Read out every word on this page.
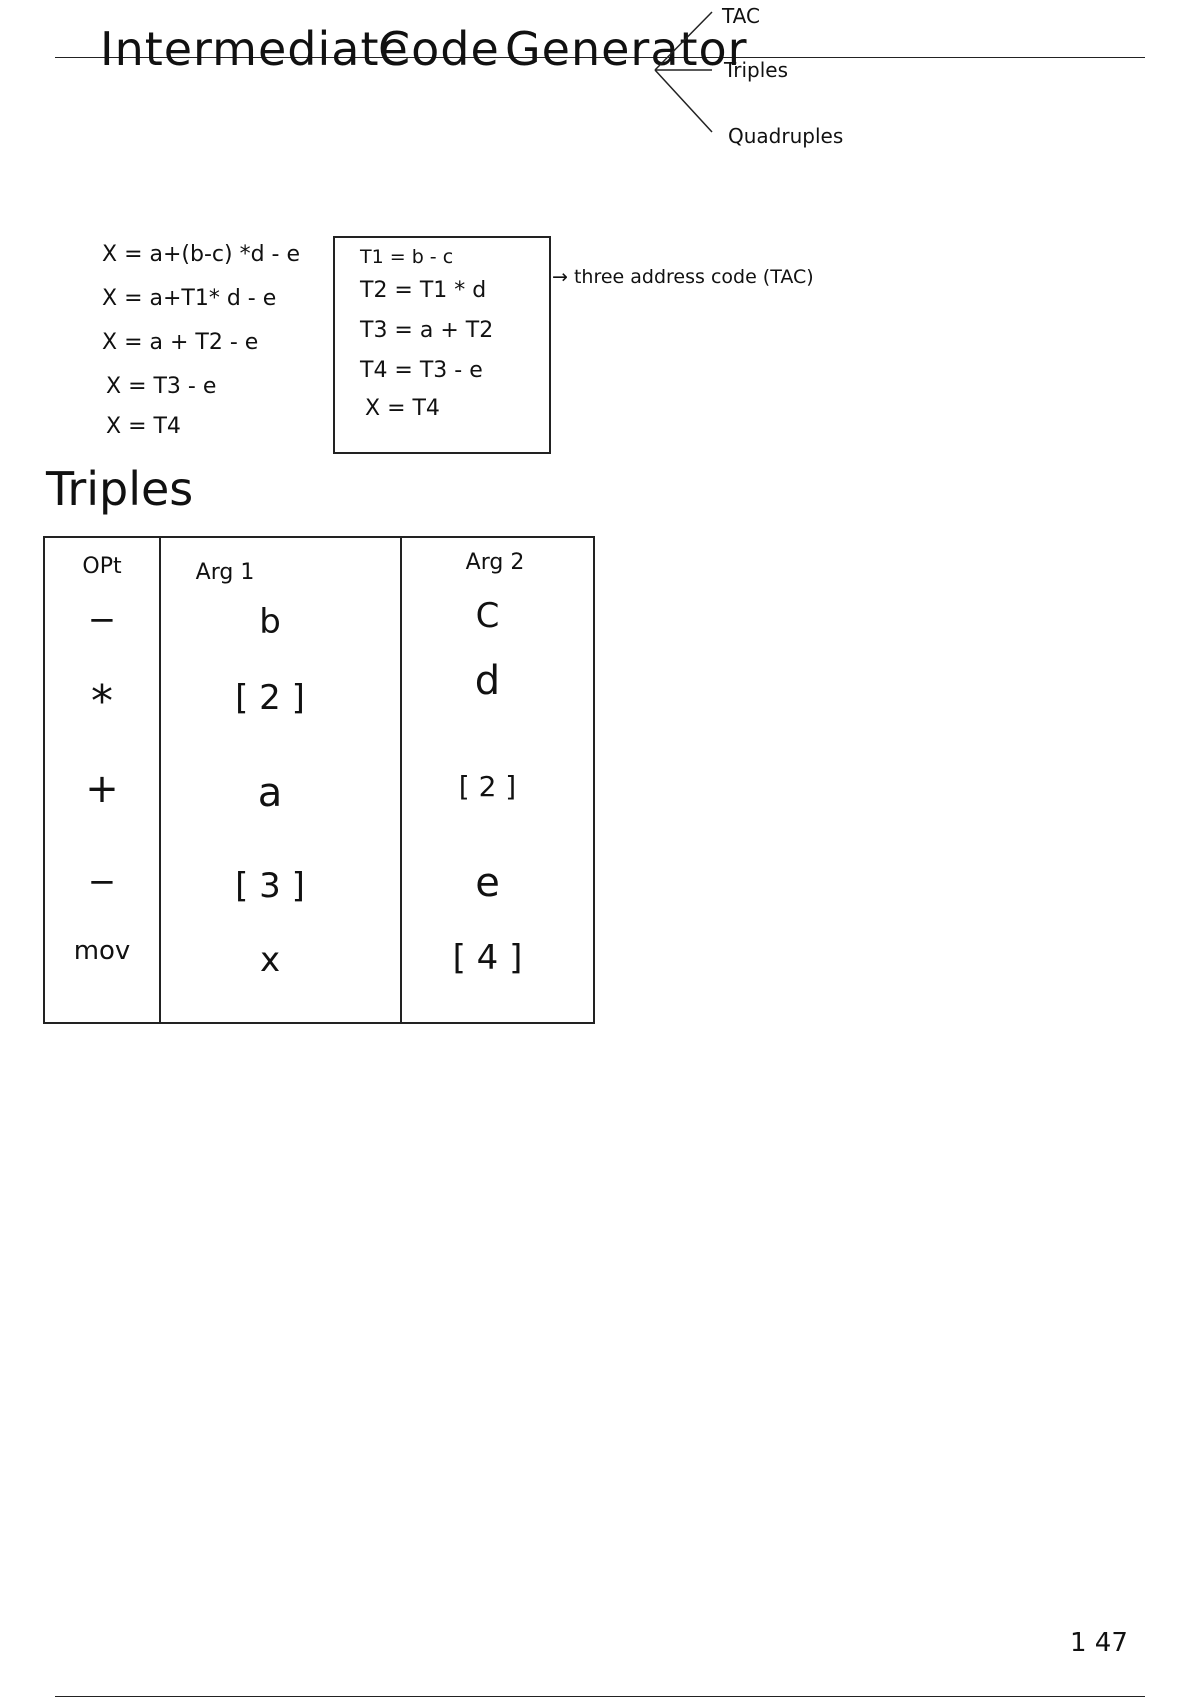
Intermediate
Code Generator
TAC
Triples
Quadruples
X = a+(b-c) *d - e
X = a+T1* d - e
X = a + T2 - e
X = T3 - e
X = T4
T1 = b - c
T2 = T1 * d
T3 = a + T2
T4 = T3 - e
X = T4
→ three address code (TAC)
Triples
OPt	Arg 1	Arg 2
−	b	C
*	[ 2 ]	d
+	a	[ 2 ]
−	[ 3 ]	e
mov	x	[ 4 ]
1 47
